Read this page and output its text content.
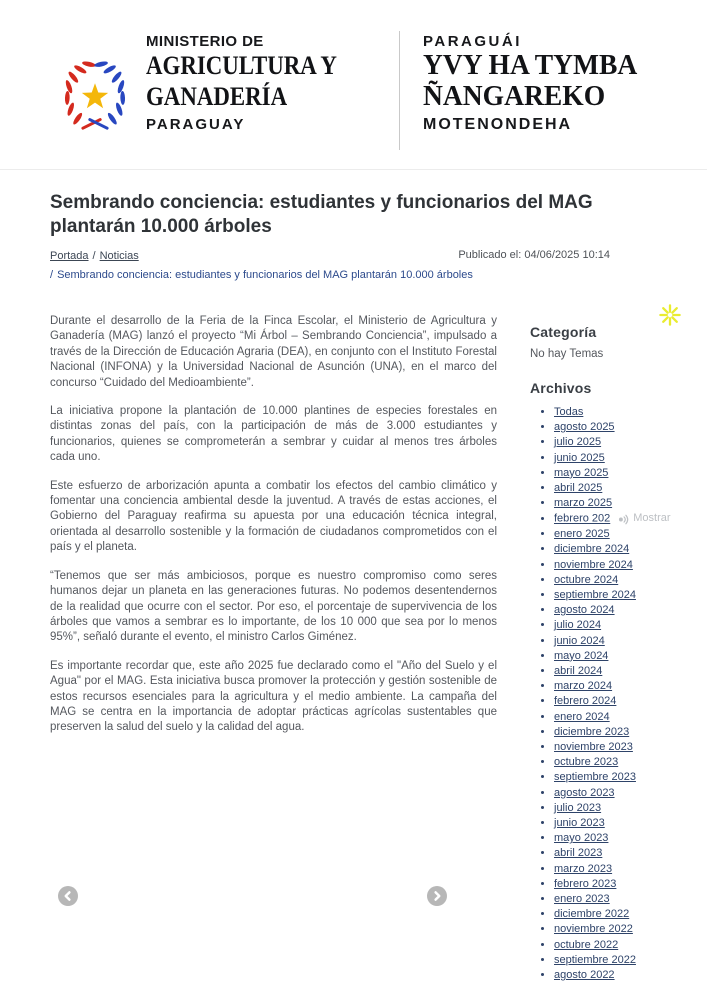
MINISTERIO DE
AGRICULTURA Y
GANADERÍA
PARAGUAY
PARAGUÁI
YVY HA TYMBA
ÑANGAREKO
MOTENONDEHA
Sembrando conciencia: estudiantes y funcionarios del MAG plantarán 10.000 árboles
Portada / Noticias
/ Sembrando conciencia: estudiantes y funcionarios del MAG plantarán 10.000 árboles
Publicado el: 04/06/2025 10:14

Durante el desarrollo de la Feria de la Finca Escolar, el Ministerio de Agricultura y Ganadería (MAG) lanzó el proyecto “Mi Árbol – Sembrando Conciencia”, impulsado a través de la Dirección de Educación Agraria (DEA), en conjunto con el Instituto Forestal Nacional (INFONA) y la Universidad Nacional de Asunción (UNA), en el marco del concurso “Cuidado del Medioambiente”.

La iniciativa propone la plantación de 10.000 plantines de especies forestales en distintas zonas del país, con la participación de más de 3.000 estudiantes y funcionarios, quienes se comprometerán a sembrar y cuidar al menos tres árboles cada uno.

Este esfuerzo de arborización apunta a combatir los efectos del cambio climático y fomentar una conciencia ambiental desde la juventud. A través de estas acciones, el Gobierno del Paraguay reafirma su apuesta por una educación técnica integral, orientada al desarrollo sostenible y la formación de ciudadanos comprometidos con el país y el planeta.

“Tenemos que ser más ambiciosos, porque es nuestro compromiso como seres humanos dejar un planeta en las generaciones futuras. No podemos desentendernos de la realidad que ocurre con el sector. Por eso, el porcentaje de supervivencia de los árboles que vamos a sembrar es lo importante, de los 10 000 que sea por lo menos 95%”, señaló durante el evento, el ministro Carlos Giménez.

Es importante recordar que, este año 2025 fue declarado como el "Año del Suelo y el Agua" por el MAG. Esta iniciativa busca promover la protección y gestión sostenible de estos recursos esenciales para la agricultura y el medio ambiente. La campaña del MAG se centra en la importancia de adoptar prácticas agrícolas sustentables que preserven la salud del suelo y la calidad del agua.

Categoría
No hay Temas
Archivos
• Todas
• agosto 2025
• julio 2025
• junio 2025
• mayo 2025
• abril 2025
• marzo 2025
• febrero 202 Mostrar
• enero 2025
• diciembre 2024
• noviembre 2024
• octubre 2024
• septiembre 2024
• agosto 2024
• julio 2024
• junio 2024
• mayo 2024
• abril 2024
• marzo 2024
• febrero 2024
• enero 2024
• diciembre 2023
• noviembre 2023
• octubre 2023
• septiembre 2023
• agosto 2023
• julio 2023
• junio 2023
• mayo 2023
• abril 2023
• marzo 2023
• febrero 2023
• enero 2023
• diciembre 2022
• noviembre 2022
• octubre 2022
• septiembre 2022
• agosto 2022
